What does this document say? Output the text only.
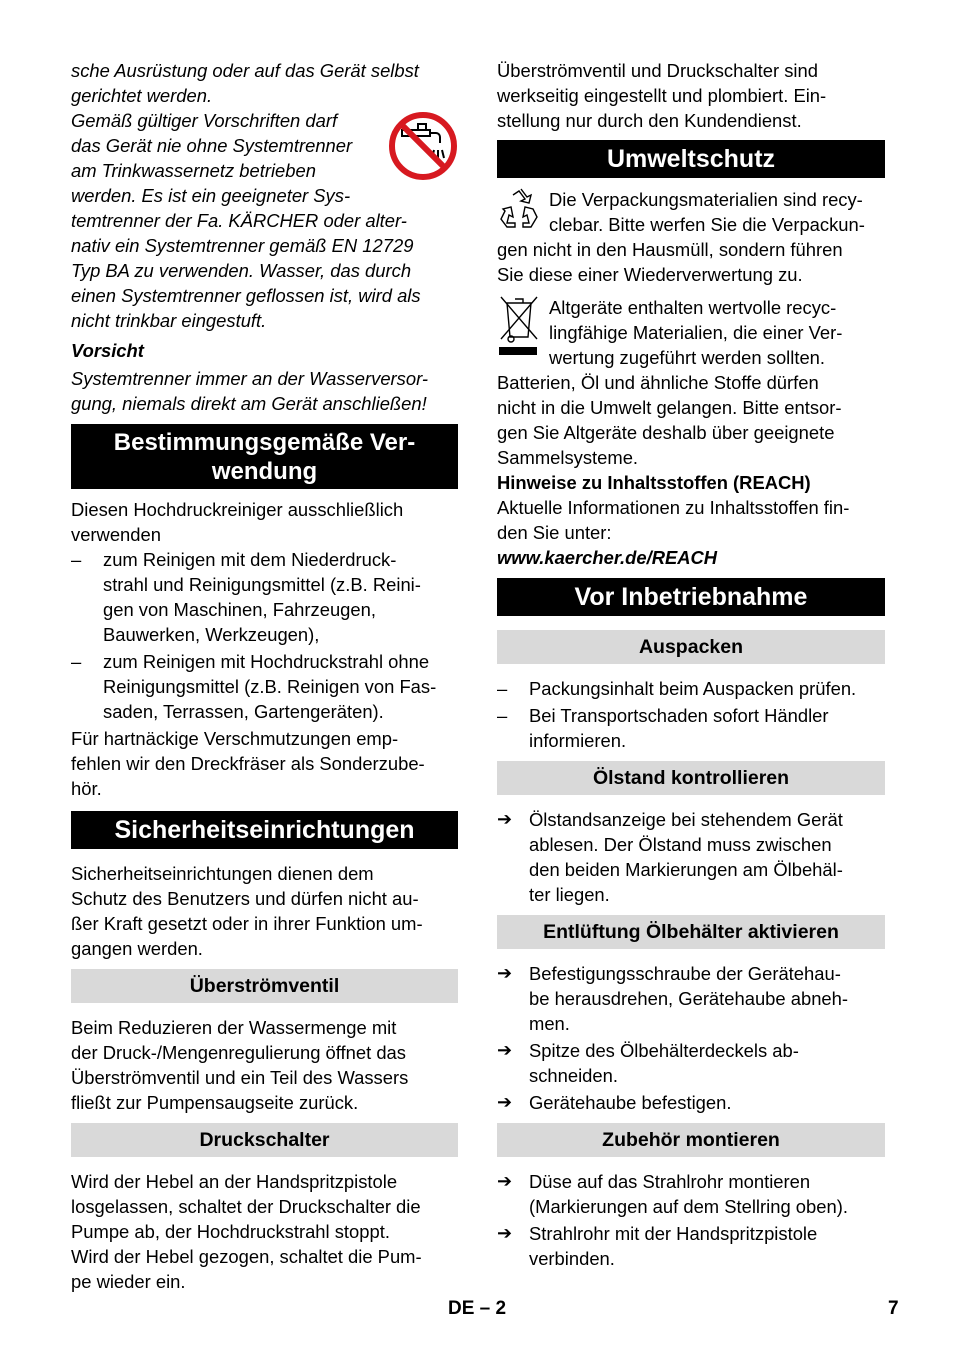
sche Ausrüstung oder auf das Gerät selbst
gerichtet werden.
Gemäß gültiger Vorschriften darf
das Gerät nie ohne Systemtrenner
am Trinkwassernetz betrieben
werden. Es ist ein geeigneter Sys-
temtrenner der Fa. KÄRCHER oder alter-
nativ ein Systemtrenner gemäß EN 12729
Typ BA zu verwenden. Wasser, das durch
einen Systemtrenner geflossen ist, wird als
nicht trinkbar eingestuft.
Vorsicht
Systemtrenner immer an der Wasserversor-
gung, niemals direkt am Gerät anschließen!
Bestimmungsgemäße Ver-
wendung
Diesen Hochdruckreiniger ausschließlich
verwenden
–	zum Reinigen mit dem Niederdruck-
strahl und Reinigungsmittel (z.B. Reini-
gen von Maschinen, Fahrzeugen,
Bauwerken, Werkzeugen),
–	zum Reinigen mit Hochdruckstrahl ohne
Reinigungsmittel (z.B. Reinigen von Fas-
saden, Terrassen, Gartengeräten).
Für hartnäckige Verschmutzungen emp-
fehlen wir den Dreckfräser als Sonderzube-
hör.
Sicherheitseinrichtungen
Sicherheitseinrichtungen dienen dem
Schutz des Benutzers und dürfen nicht au-
ßer Kraft gesetzt oder in ihrer Funktion um-
gangen werden.
Überströmventil
Beim Reduzieren der Wassermenge mit
der Druck-/Mengenregulierung öffnet das
Überströmventil und ein Teil des Wassers
fließt zur Pumpensaugseite zurück.
Druckschalter
Wird der Hebel an der Handspritzpistole
losgelassen, schaltet der Druckschalter die
Pumpe ab, der Hochdruckstrahl stoppt.
Wird der Hebel gezogen, schaltet die Pum-
pe wieder ein.
Überströmventil und Druckschalter sind
werkseitig eingestellt und plombiert. Ein-
stellung nur durch den Kundendienst.
Umweltschutz
Die Verpackungsmaterialien sind recy-
clebar. Bitte werfen Sie die Verpackun-
gen nicht in den Hausmüll, sondern führen
Sie diese einer Wiederverwertung zu.
Altgeräte enthalten wertvolle recyc-
lingfähige Materialien, die einer Ver-
wertung zugeführt werden sollten.
Batterien, Öl und ähnliche Stoffe dürfen
nicht in die Umwelt gelangen. Bitte entsor-
gen Sie Altgeräte deshalb über geeignete
Sammelsysteme.
Hinweise zu Inhaltsstoffen (REACH)
Aktuelle Informationen zu Inhaltsstoffen fin-
den Sie unter:
www.kaercher.de/REACH
Vor Inbetriebnahme
Auspacken
–	Packungsinhalt beim Auspacken prüfen.
–	Bei Transportschaden sofort Händler
informieren.
Ölstand kontrollieren
➔ Ölstandsanzeige bei stehendem Gerät
ablesen. Der Ölstand muss zwischen
den beiden Markierungen am Ölbehäl-
ter liegen.
Entlüftung Ölbehälter aktivieren
➔ Befestigungsschraube der Gerätehau-
be herausdrehen, Gerätehaube abneh-
men.
➔ Spitze des Ölbehälterdeckels ab-
schneiden.
➔ Gerätehaube befestigen.
Zubehör montieren
➔ Düse auf das Strahlrohr montieren
(Markierungen auf dem Stellring oben).
➔ Strahlrohr mit der Handspritzpistole
verbinden.
DE – 2	7
